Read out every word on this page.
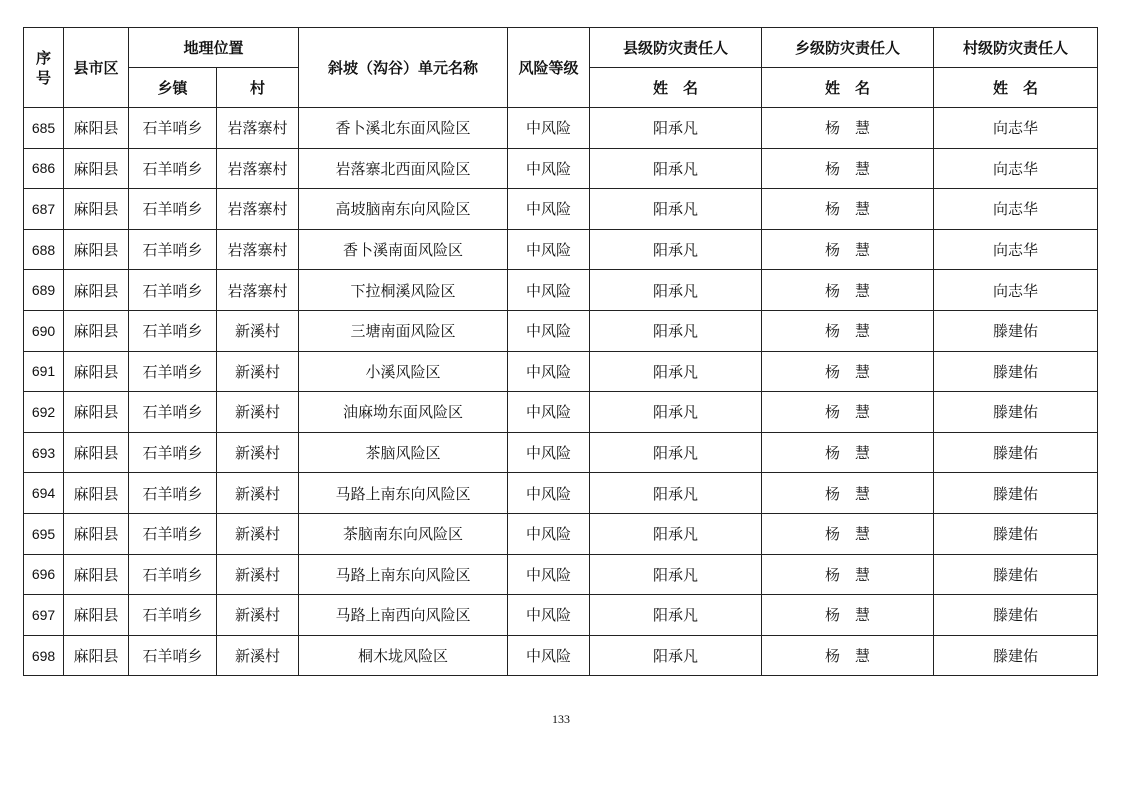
序号	县市区	地理位置		斜坡（沟谷）单元名称	风险等级	县级防灾责任人	乡级防灾责任人	村级防灾责任人
		乡镇	村			姓　名	姓　名	姓　名
685	麻阳县	石羊哨乡	岩落寨村	香卜溪北东面风险区	中风险	阳承凡	杨　慧	向志华
686	麻阳县	石羊哨乡	岩落寨村	岩落寨北西面风险区	中风险	阳承凡	杨　慧	向志华
687	麻阳县	石羊哨乡	岩落寨村	高坡脑南东向风险区	中风险	阳承凡	杨　慧	向志华
688	麻阳县	石羊哨乡	岩落寨村	香卜溪南面风险区	中风险	阳承凡	杨　慧	向志华
689	麻阳县	石羊哨乡	岩落寨村	下拉桐溪风险区	中风险	阳承凡	杨　慧	向志华
690	麻阳县	石羊哨乡	新溪村	三塘南面风险区	中风险	阳承凡	杨　慧	滕建佑
691	麻阳县	石羊哨乡	新溪村	小溪风险区	中风险	阳承凡	杨　慧	滕建佑
692	麻阳县	石羊哨乡	新溪村	油麻坳东面风险区	中风险	阳承凡	杨　慧	滕建佑
693	麻阳县	石羊哨乡	新溪村	茶脑风险区	中风险	阳承凡	杨　慧	滕建佑
694	麻阳县	石羊哨乡	新溪村	马路上南东向风险区	中风险	阳承凡	杨　慧	滕建佑
695	麻阳县	石羊哨乡	新溪村	茶脑南东向风险区	中风险	阳承凡	杨　慧	滕建佑
696	麻阳县	石羊哨乡	新溪村	马路上南东向风险区	中风险	阳承凡	杨　慧	滕建佑
697	麻阳县	石羊哨乡	新溪村	马路上南西向风险区	中风险	阳承凡	杨　慧	滕建佑
698	麻阳县	石羊哨乡	新溪村	桐木垅风险区	中风险	阳承凡	杨　慧	滕建佑
133
